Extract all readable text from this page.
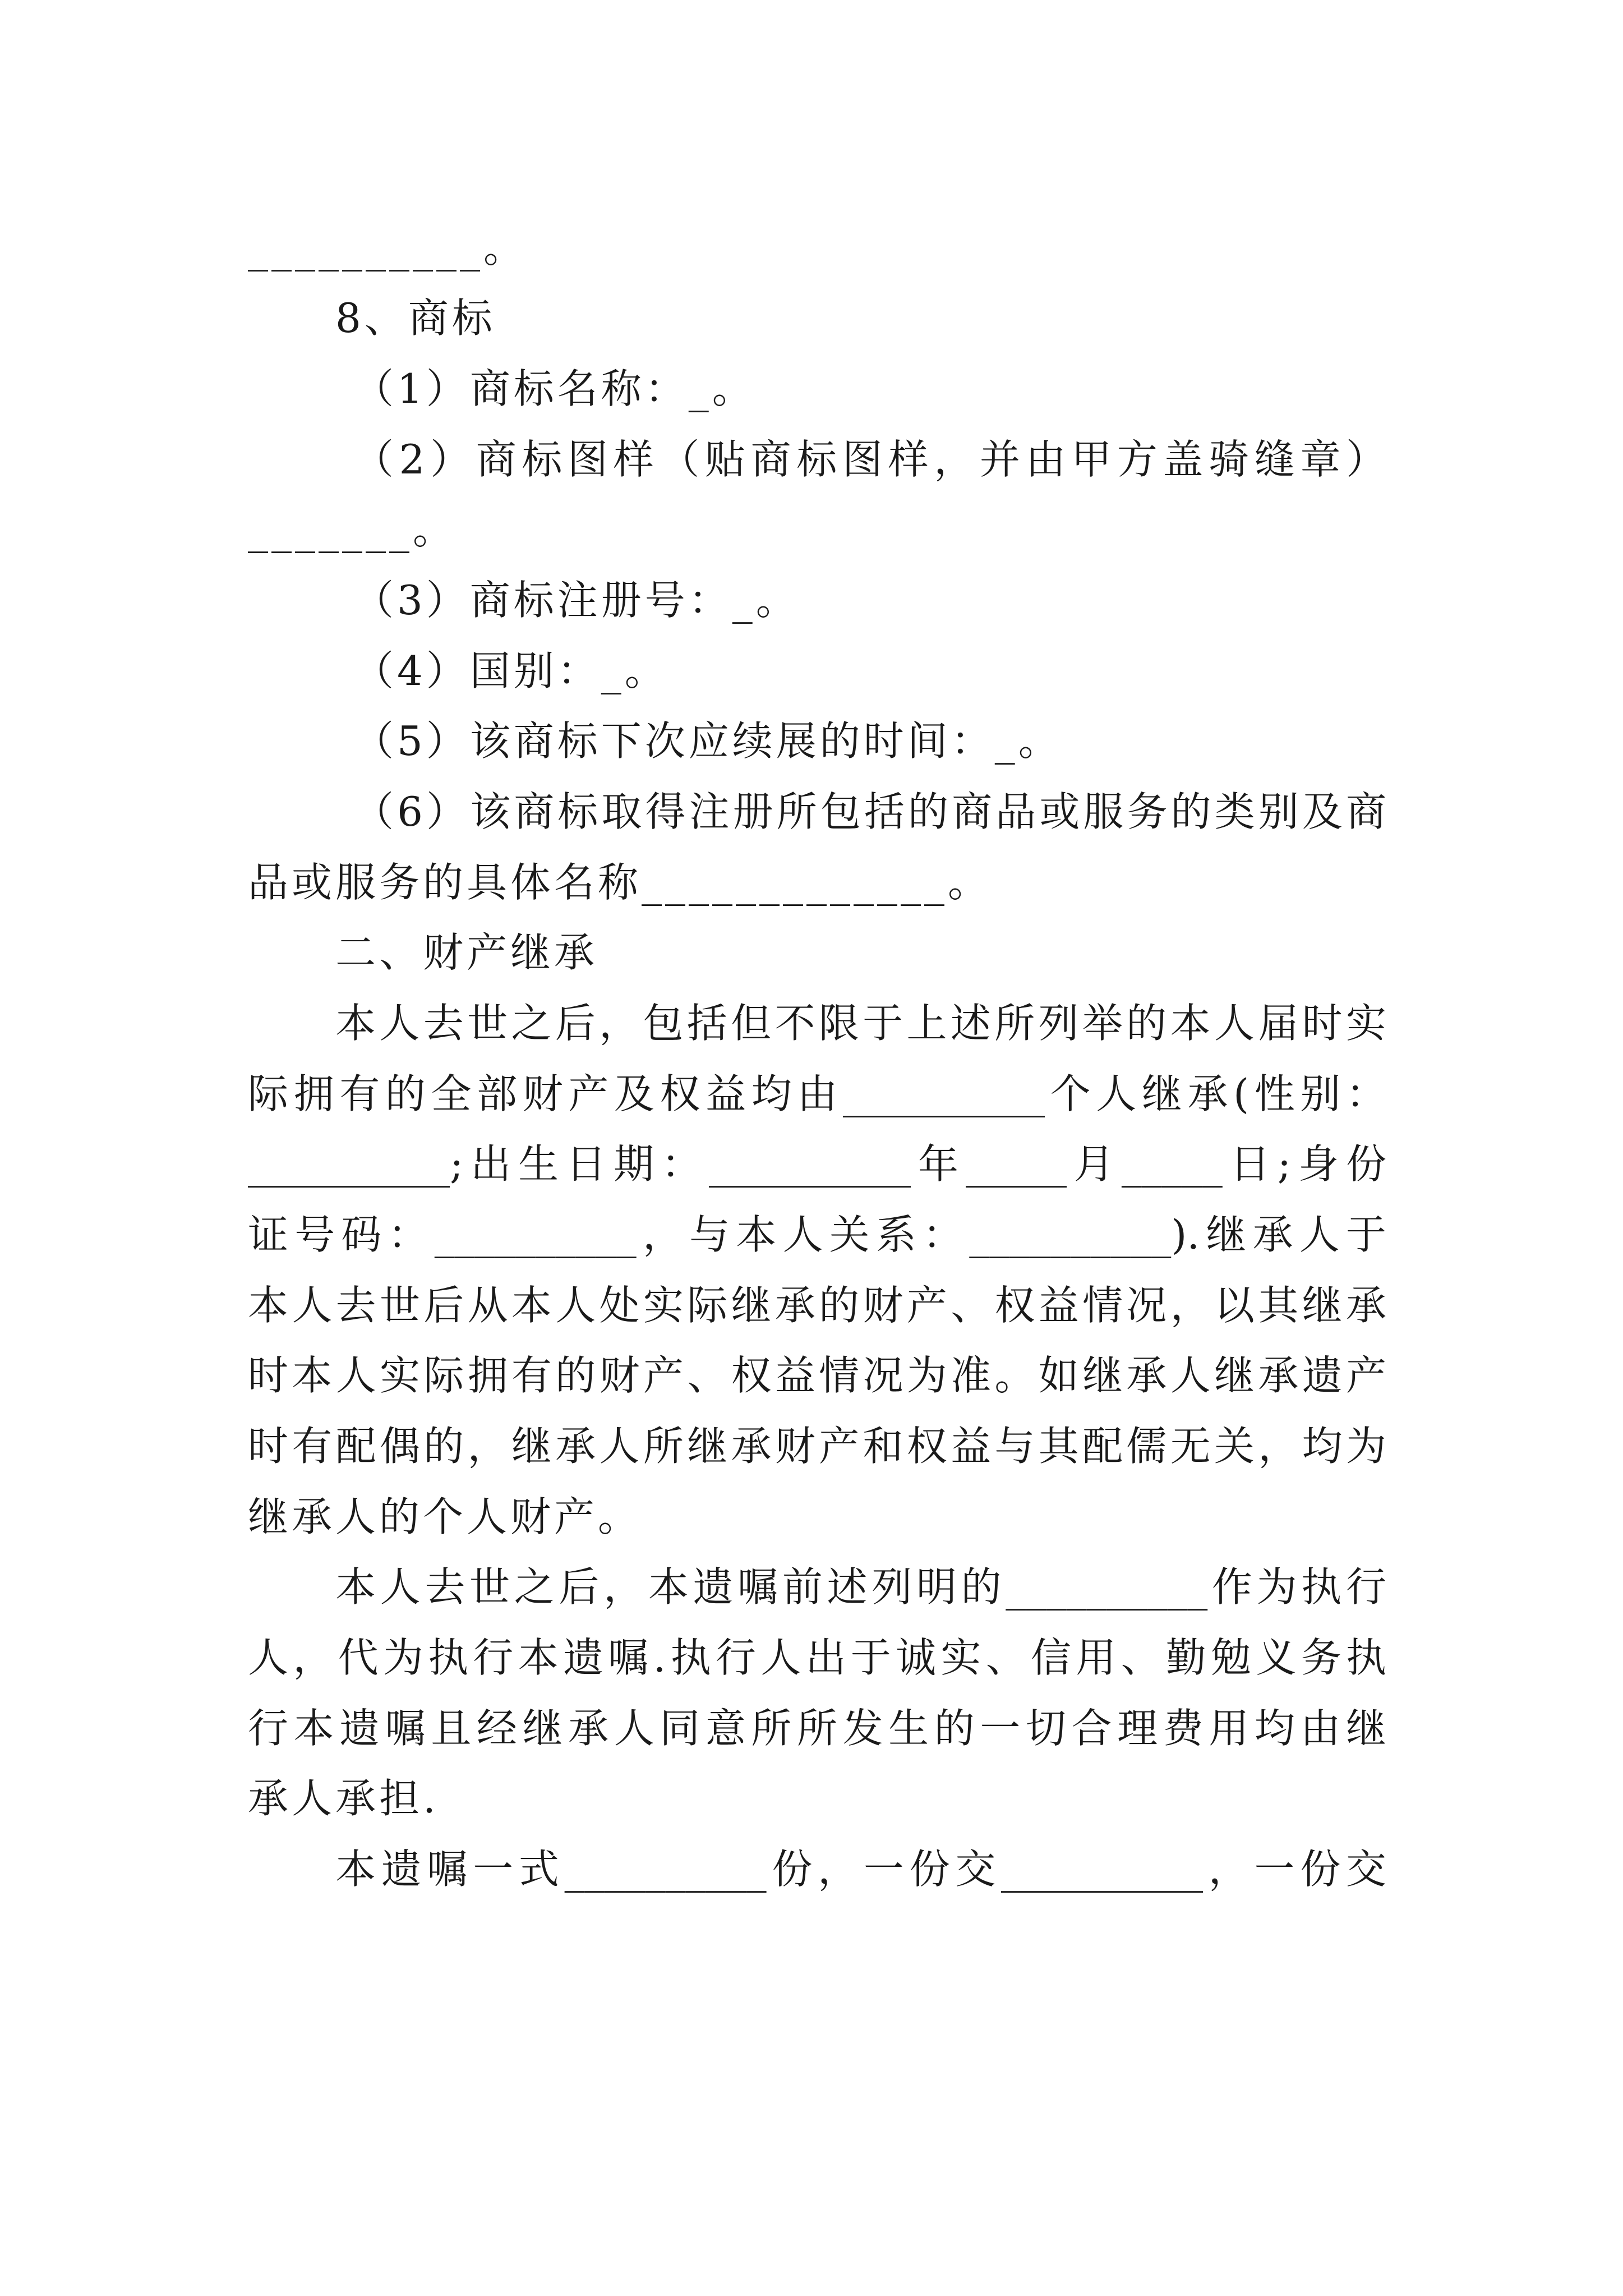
__________。
8、商标
（1）商标名称：_。
（2）商标图样（贴商标图样，并由甲方盖骑缝章）
_______。
（3）商标注册号：_。
（4）国别：_。
（5）该商标下次应续展的时间：_。
（6）该商标取得注册所包括的商品或服务的类别及商
品或服务的具体名称_____________。
二、财产继承
本人去世之后，包括但不限于上述所列举的本人届时实
际拥有的全部财产及权益均由__________个人继承(性别：
__________;出生日期：__________年_____月_____日;身份
证号码：__________，与本人关系：__________).继承人于
本人去世后从本人处实际继承的财产、权益情况，以其继承
时本人实际拥有的财产、权益情况为准。如继承人继承遗产
时有配偶的，继承人所继承财产和权益与其配儒无关，均为
继承人的个人财产。
本人去世之后，本遗嘱前述列明的__________作为执行
人，代为执行本遗嘱.执行人出于诚实、信用、勤勉义务执
行本遗嘱且经继承人同意所所发生的一切合理费用均由继
承人承担.
本遗嘱一式__________份，一份交__________，一份交
